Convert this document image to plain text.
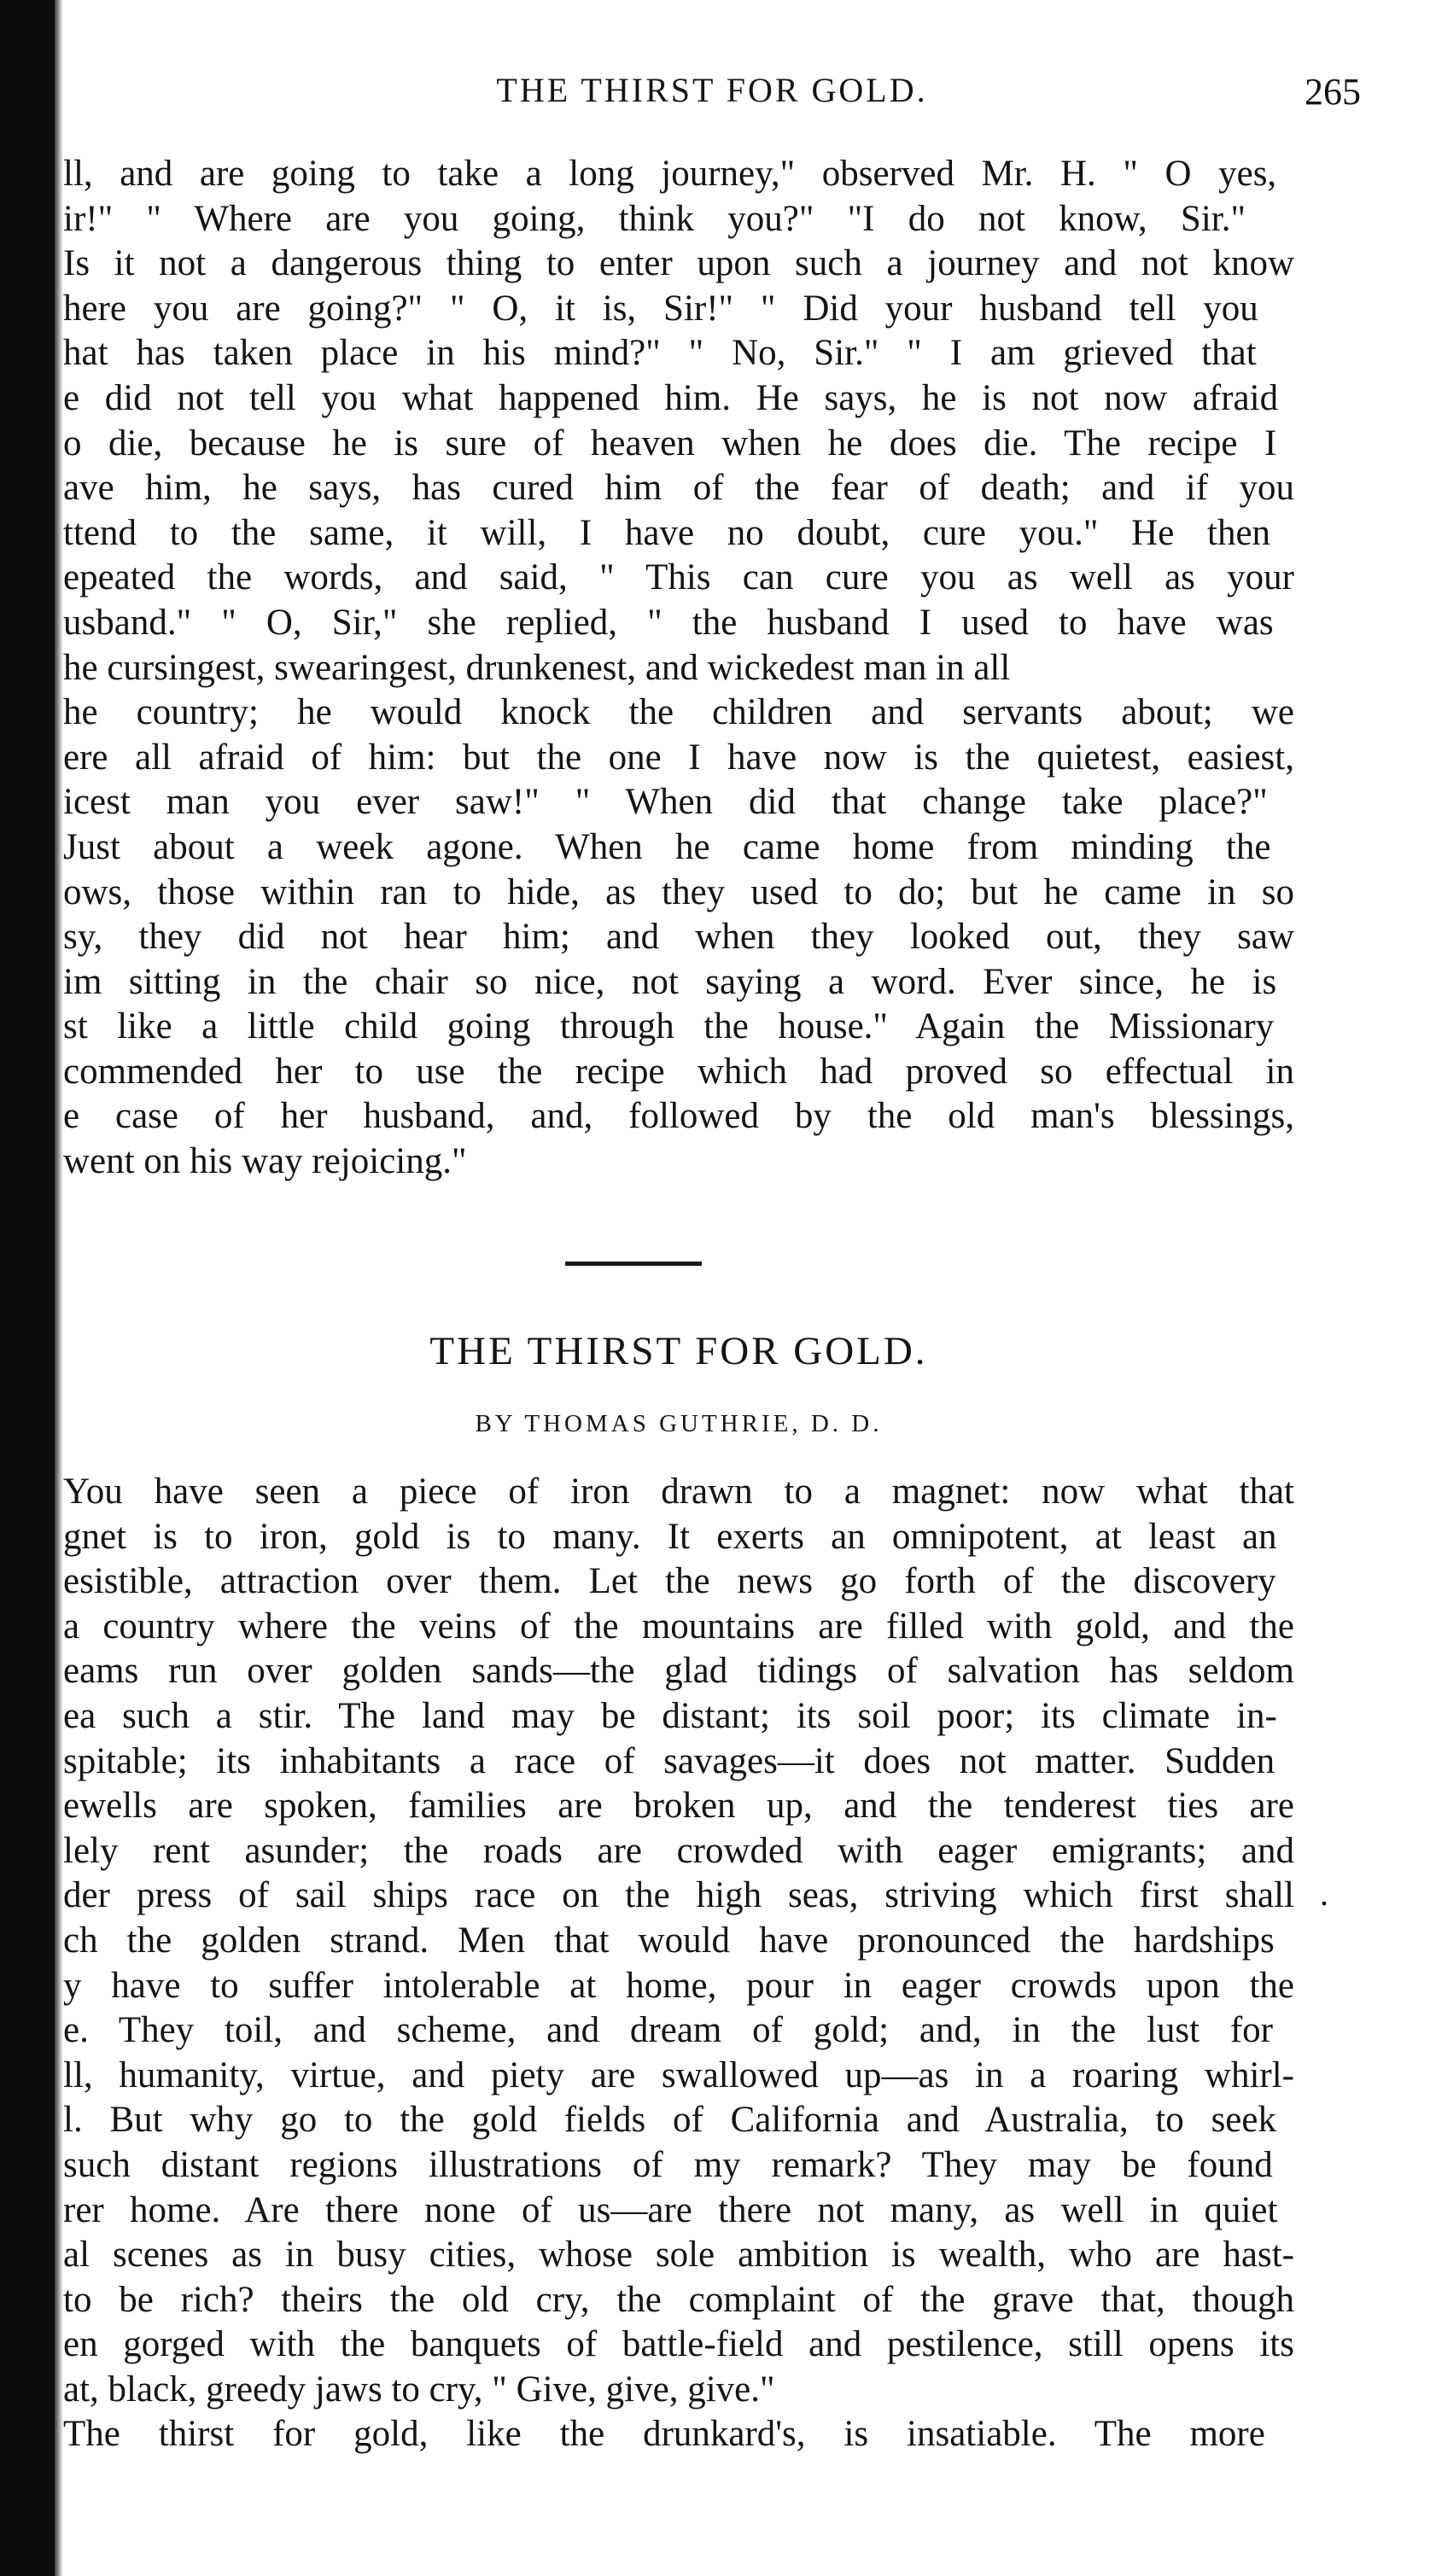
THE THIRST FOR GOLD.	265
ll, and are going to take a long journey," observed Mr. H. " O yes,
ir!" " Where are you going, think you?" "I do not know, Sir."
Is it not a dangerous thing to enter upon such a journey and not know
here you are going?" " O, it is, Sir!" " Did your husband tell you
hat has taken place in his mind?" " No, Sir." " I am grieved that
e did not tell you what happened him. He says, he is not now afraid
o die, because he is sure of heaven when he does die. The recipe I
ave him, he says, has cured him of the fear of death; and if you
ttend to the same, it will, I have no doubt, cure you." He then
epeated the words, and said, " This can cure you as well as your
usband." " O, Sir," she replied, " the husband I used to have was
he cursingest, swearingest, drunkenest, and wickedest man in all
he country; he would knock the children and servants about; we
ere all afraid of him: but the one I have now is the quietest, easiest,
icest man you ever saw!" " When did that change take place?"
Just about a week agone. When he came home from minding the
ows, those within ran to hide, as they used to do; but he came in so
sy, they did not hear him; and when they looked out, they saw
im sitting in the chair so nice, not saying a word. Ever since, he is
st like a little child going through the house." Again the Missionary
commended her to use the recipe which had proved so effectual in
e case of her husband, and, followed by the old man's blessings,
went on his way rejoicing."
THE THIRST FOR GOLD.
BY THOMAS GUTHRIE, D. D.
You have seen a piece of iron drawn to a magnet: now what that
gnet is to iron, gold is to many. It exerts an omnipotent, at least an
esistible, attraction over them. Let the news go forth of the discovery
a country where the veins of the mountains are filled with gold, and the
eams run over golden sands—the glad tidings of salvation has seldom
ea such a stir. The land may be distant; its soil poor; its climate in-
spitable; its inhabitants a race of savages—it does not matter. Sudden
ewells are spoken, families are broken up, and the tenderest ties are
lely rent asunder; the roads are crowded with eager emigrants; and
der press of sail ships race on the high seas, striving which first shall
ch the golden strand. Men that would have pronounced the hardships
y have to suffer intolerable at home, pour in eager crowds upon the
e. They toil, and scheme, and dream of gold; and, in the lust for
ll, humanity, virtue, and piety are swallowed up—as in a roaring whirl-
l. But why go to the gold fields of California and Australia, to seek
such distant regions illustrations of my remark? They may be found
rer home. Are there none of us—are there not many, as well in quiet
al scenes as in busy cities, whose sole ambition is wealth, who are hast-
to be rich? theirs the old cry, the complaint of the grave that, though
en gorged with the banquets of battle-field and pestilence, still opens its
at, black, greedy jaws to cry, " Give, give, give."
The thirst for gold, like the drunkard's, is insatiable. The more
.
